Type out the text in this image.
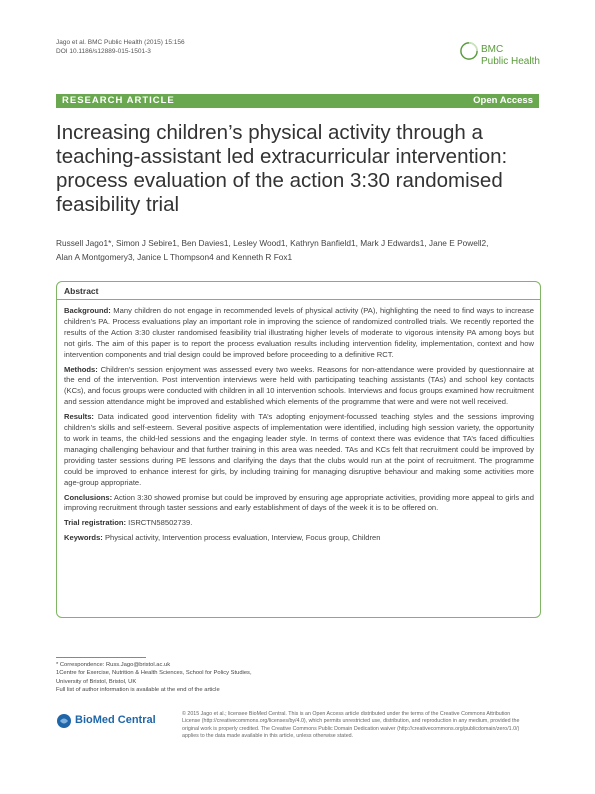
Jago et al. BMC Public Health (2015) 15:156
DOI 10.1186/s12889-015-1501-3	BMC
Public Health
RESEARCH ARTICLE	Open Access
Increasing children’s physical activity through a teaching-assistant led extracurricular intervention: process evaluation of the action 3:30 randomised feasibility trial
Russell Jago1*, Simon J Sebire1, Ben Davies1, Lesley Wood1, Kathryn Banfield1, Mark J Edwards1, Jane E Powell2,
Alan A Montgomery3, Janice L Thompson4 and Kenneth R Fox1
Abstract

Background: Many children do not engage in recommended levels of physical activity (PA), highlighting the need to find ways to increase children’s PA. Process evaluations play an important role in improving the science of randomized controlled trials. We recently reported the results of the Action 3:30 cluster randomised feasibility trial illustrating higher levels of moderate to vigorous intensity PA among boys but not girls. The aim of this paper is to report the process evaluation results including intervention fidelity, implementation, context and how intervention components and trial design could be improved before proceeding to a definitive RCT.

Methods: Children’s session enjoyment was assessed every two weeks. Reasons for non-attendance were provided by questionnaire at the end of the intervention. Post intervention interviews were held with participating teaching assistants (TAs) and school key contacts (KCs), and focus groups were conducted with children in all 10 intervention schools. Interviews and focus groups examined how recruitment and session attendance might be improved and established which elements of the programme that were and were not well received.

Results: Data indicated good intervention fidelity with TA’s adopting enjoyment-focussed teaching styles and the sessions improving children’s skills and self-esteem. Several positive aspects of implementation were identified, including high session variety, the opportunity to work in teams, the child-led sessions and the engaging leader style. In terms of context there was evidence that TA’s faced difficulties managing challenging behaviour and that further training in this area was needed. TAs and KCs felt that recruitment could be improved by providing taster sessions during PE lessons and clarifying the days that the clubs would run at the point of recruitment. The programme could be improved to enhance interest for girls, by including training for managing disruptive behaviour and making some activities more age-group appropriate.

Conclusions: Action 3:30 showed promise but could be improved by ensuring age appropriate activities, providing more appeal to girls and improving recruitment through taster sessions and early establishment of days of the week it is to be offered on.

Trial registration: ISRCTN58502739.

Keywords: Physical activity, Intervention process evaluation, Interview, Focus group, Children

* Correspondence: Russ.Jago@bristol.ac.uk
1Centre for Exercise, Nutrition & Health Sciences, School for Policy Studies,
University of Bristol, Bristol, UK
Full list of author information is available at the end of the article
BioMed Central	© 2015 Jago et al.; licensee BioMed Central. This is an Open Access article distributed under the terms of the Creative Commons Attribution License (http://creativecommons.org/licenses/by/4.0), which permits unrestricted use, distribution, and reproduction in any medium, provided the original work is properly credited. The Creative Commons Public Domain Dedication waiver (http://creativecommons.org/publicdomain/zero/1.0/) applies to the data made available in this article, unless otherwise stated.
